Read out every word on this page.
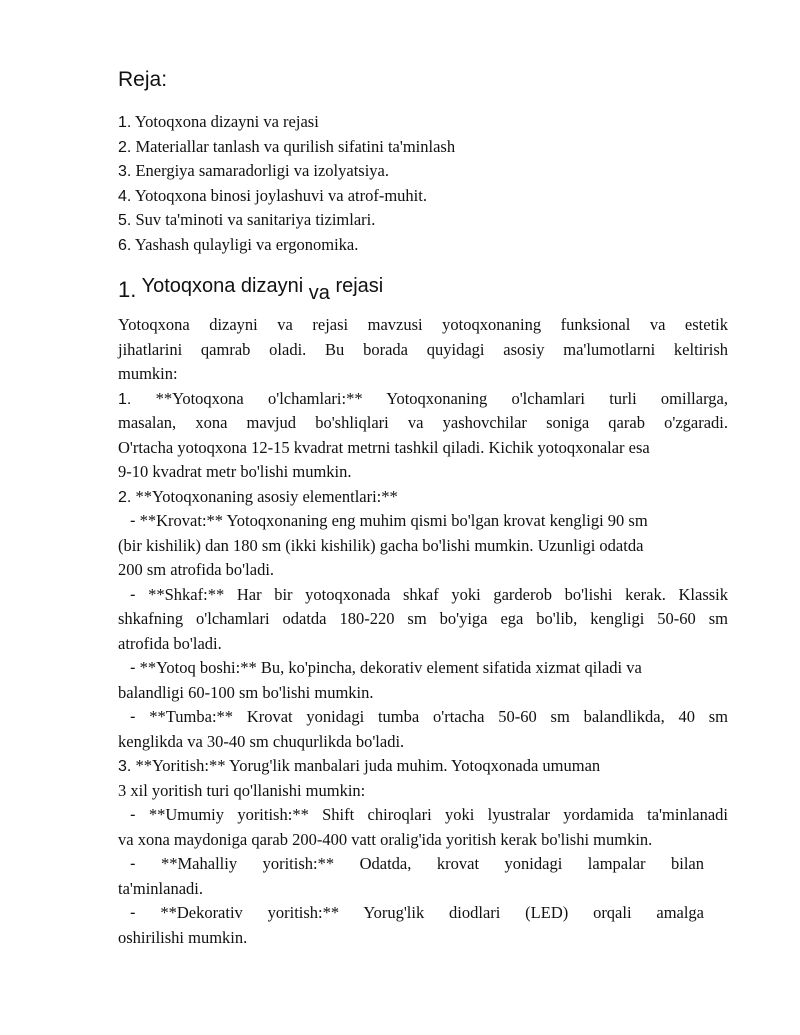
Reja:
1. Yotoqxona dizayni va rejasi
2. Materiallar tanlash va qurilish sifatini ta'minlash
3. Energiya samaradorligi va izolyatsiya.
4. Yotoqxona binosi joylashuvi va atrof-muhit.
5. Suv ta'minoti va sanitariya tizimlari.
6. Yashash qulayligi va ergonomika.
1. Yotoqxona dizayni va rejasi
Yotoqxona dizayni va rejasi mavzusi yotoqxonaning funksional va estetik
jihatlarini qamrab oladi. Bu borada quyidagi asosiy ma'lumotlarni keltirish
mumkin:
1. **Yotoqxona o'lchamlari:** Yotoqxonaning o'lchamlari turli omillarga,
masalan, xona mavjud bo'shliqlari va yashovchilar soniga qarab o'zgaradi.
O'rtacha yotoqxona 12-15 kvadrat metrni tashkil qiladi. Kichik yotoqxonalar esa
9-10 kvadrat metr bo'lishi mumkin.
2. **Yotoqxonaning asosiy elementlari:**
- **Krovat:** Yotoqxonaning eng muhim qismi bo'lgan krovat kengligi 90 sm
(bir kishilik) dan 180 sm (ikki kishilik) gacha bo'lishi mumkin. Uzunligi odatda
200 sm atrofida bo'ladi.
- **Shkaf:** Har bir yotoqxonada shkaf yoki garderob bo'lishi kerak. Klassik
shkafning o'lchamlari odatda 180-220 sm bo'yiga ega bo'lib, kengligi 50-60 sm
atrofida bo'ladi.
- **Yotoq boshi:** Bu, ko'pincha, dekorativ element sifatida xizmat qiladi va
balandligi 60-100 sm bo'lishi mumkin.
- **Tumba:** Krovat yonidagi tumba o'rtacha 50-60 sm balandlikda, 40 sm
kenglikda va 30-40 sm chuqurlikda bo'ladi.
3. **Yoritish:** Yorug'lik manbalari juda muhim. Yotoqxonada umuman
3 xil yoritish turi qo'llanishi mumkin:
- **Umumiy yoritish:** Shift chiroqlari yoki lyustralar yordamida ta'minlanadi
va xona maydoniga qarab 200-400 vatt oralig'ida yoritish kerak bo'lishi mumkin.
- **Mahalliy yoritish:** Odatda, krovat yonidagi lampalar bilan
ta'minlanadi.
- **Dekorativ yoritish:** Yorug'lik diodlari (LED) orqali amalga
oshirilishi mumkin.
